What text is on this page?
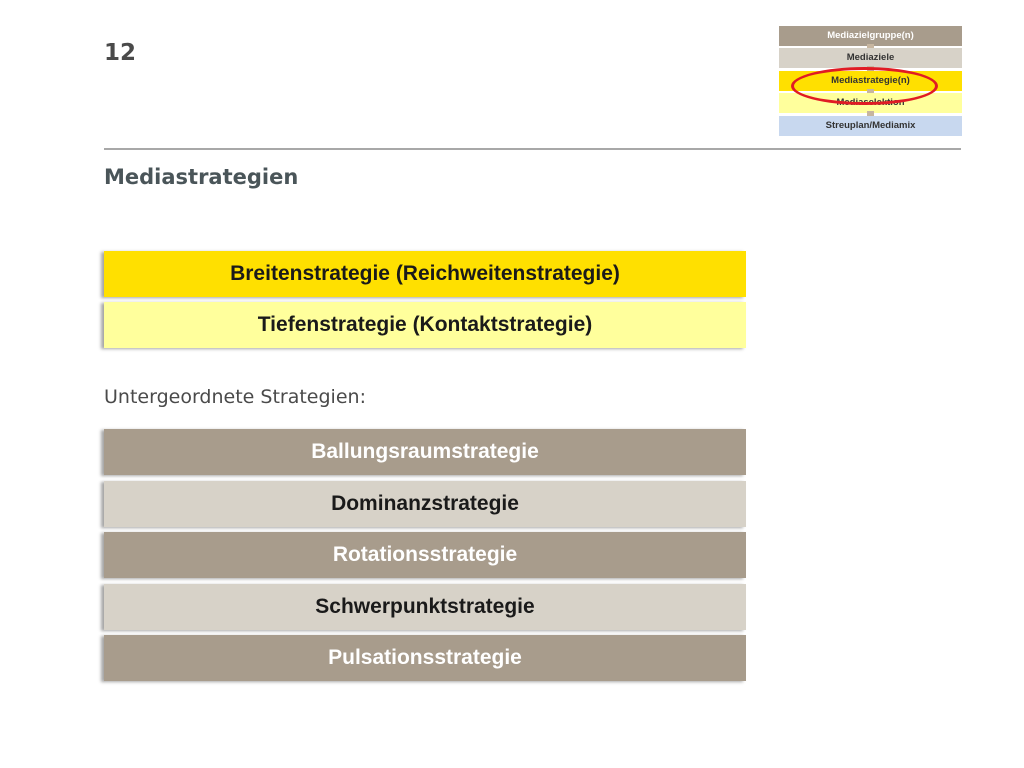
12
Mediazielgruppe(n)
Mediaziele
Mediastrategie(n)
Mediaselektion
Streuplan/Mediamix
Mediastrategien
Breitenstrategie (Reichweitenstrategie)
Tiefenstrategie (Kontaktstrategie)
Untergeordnete Strategien:
Ballungsraumstrategie
Dominanzstrategie
Rotationsstrategie
Schwerpunktstrategie
Pulsationsstrategie
